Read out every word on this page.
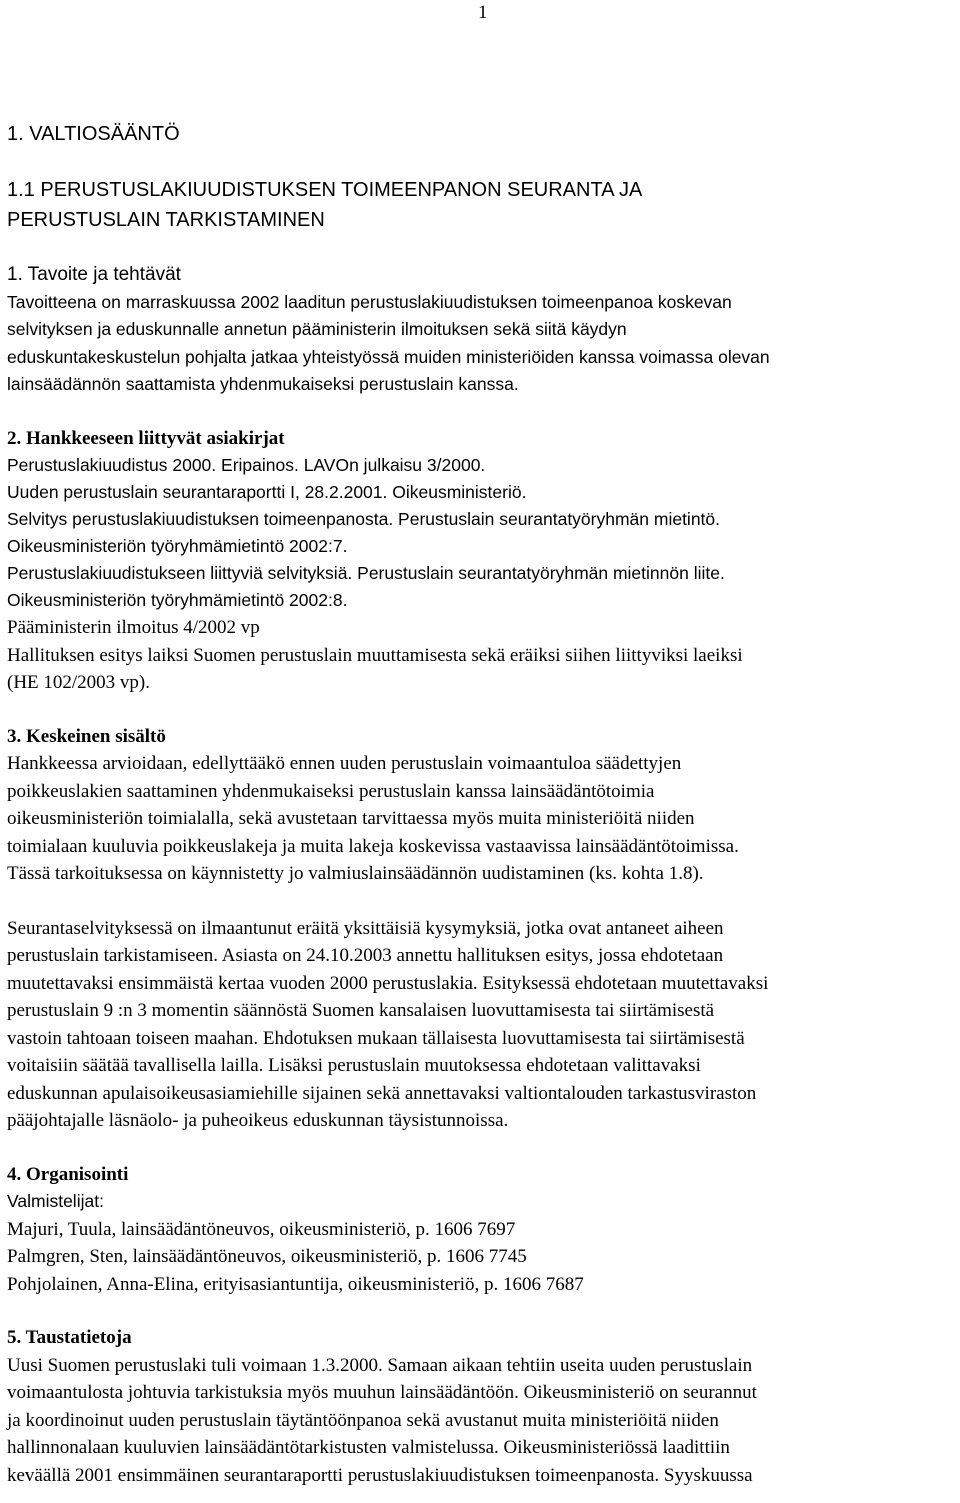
1
1. VALTIOSÄÄNTÖ
1.1 PERUSTUSLAKIUUDISTUKSEN TOIMEENPANON SEURANTA JA
PERUSTUSLAIN TARKISTAMINEN
1. Tavoite ja tehtävät
Tavoitteena on marraskuussa 2002 laaditun perustuslakiuudistuksen toimeenpanoa koskevan
selvityksen ja eduskunnalle annetun pääministerin ilmoituksen sekä siitä käydyn
eduskuntakeskustelun pohjalta jatkaa yhteistyössä muiden ministeriöiden kanssa voimassa olevan
lainsäädännön saattamista yhdenmukaiseksi perustuslain kanssa.
2. Hankkeeseen liittyvät asiakirjat
Perustuslakiuudistus 2000. Eripainos. LAVOn julkaisu 3/2000.
Uuden perustuslain seurantaraportti I, 28.2.2001. Oikeusministeriö.
Selvitys perustuslakiuudistuksen toimeenpanosta. Perustuslain seurantatyöryhmän mietintö.
Oikeusministeriön työryhmämietintö 2002:7.
Perustuslakiuudistukseen liittyviä selvityksiä. Perustuslain seurantatyöryhmän mietinnön liite.
Oikeusministeriön työryhmämietintö 2002:8.
Pääministerin ilmoitus 4/2002 vp
Hallituksen esitys laiksi Suomen perustuslain muuttamisesta sekä eräiksi siihen liittyviksi laeiksi
(HE 102/2003 vp).
3. Keskeinen sisältö
Hankkeessa arvioidaan, edellyttääkö ennen uuden perustuslain voimaantuloa säädettyjen
poikkeuslakien saattaminen yhdenmukaiseksi perustuslain kanssa lainsäädäntötoimia
oikeusministeriön toimialalla, sekä avustetaan tarvittaessa myös muita ministeriöitä niiden
toimialaan kuuluvia poikkeuslakeja ja muita lakeja koskevissa vastaavissa lainsäädäntötoimissa.
Tässä tarkoituksessa on käynnistetty jo valmiuslainsäädännön uudistaminen (ks. kohta 1.8).
Seurantaselvityksessä on ilmaantunut eräitä yksittäisiä kysymyksiä, jotka ovat antaneet aiheen
perustuslain tarkistamiseen. Asiasta on 24.10.2003 annettu hallituksen esitys, jossa ehdotetaan
muutettavaksi ensimmäistä kertaa vuoden 2000 perustuslakia. Esityksessä ehdotetaan muutettavaksi
perustuslain 9 :n 3 momentin säännöstä Suomen kansalaisen luovuttamisesta tai siirtämisestä
vastoin tahtoaan toiseen maahan. Ehdotuksen mukaan tällaisesta luovuttamisesta tai siirtämisestä
voitaisiin säätää tavallisella lailla. Lisäksi perustuslain muutoksessa ehdotetaan valittavaksi
eduskunnan apulaisoikeusasiamiehille sijainen sekä annettavaksi valtiontalouden tarkastusviraston
pääjohtajalle läsnäolo- ja puheoikeus eduskunnan täysistunnoissa.
4. Organisointi
Valmistelijat:
Majuri, Tuula, lainsäädäntöneuvos, oikeusministeriö, p. 1606 7697
Palmgren, Sten, lainsäädäntöneuvos, oikeusministeriö, p. 1606 7745
Pohjolainen, Anna-Elina, erityisasiantuntija, oikeusministeriö, p. 1606 7687
5. Taustatietoja
Uusi Suomen perustuslaki tuli voimaan 1.3.2000. Samaan aikaan tehtiin useita uuden perustuslain
voimaantulosta johtuvia tarkistuksia myös muuhun lainsäädäntöön. Oikeusministeriö on seurannut
ja koordinoinut uuden perustuslain täytäntöönpanoa sekä avustanut muita ministeriöitä niiden
hallinnonalaan kuuluvien lainsäädäntötarkistusten valmistelussa. Oikeusministeriössä laadittiin
keväällä 2001 ensimmäinen seurantaraportti perustuslakiuudistuksen toimeenpanosta. Syyskuussa
